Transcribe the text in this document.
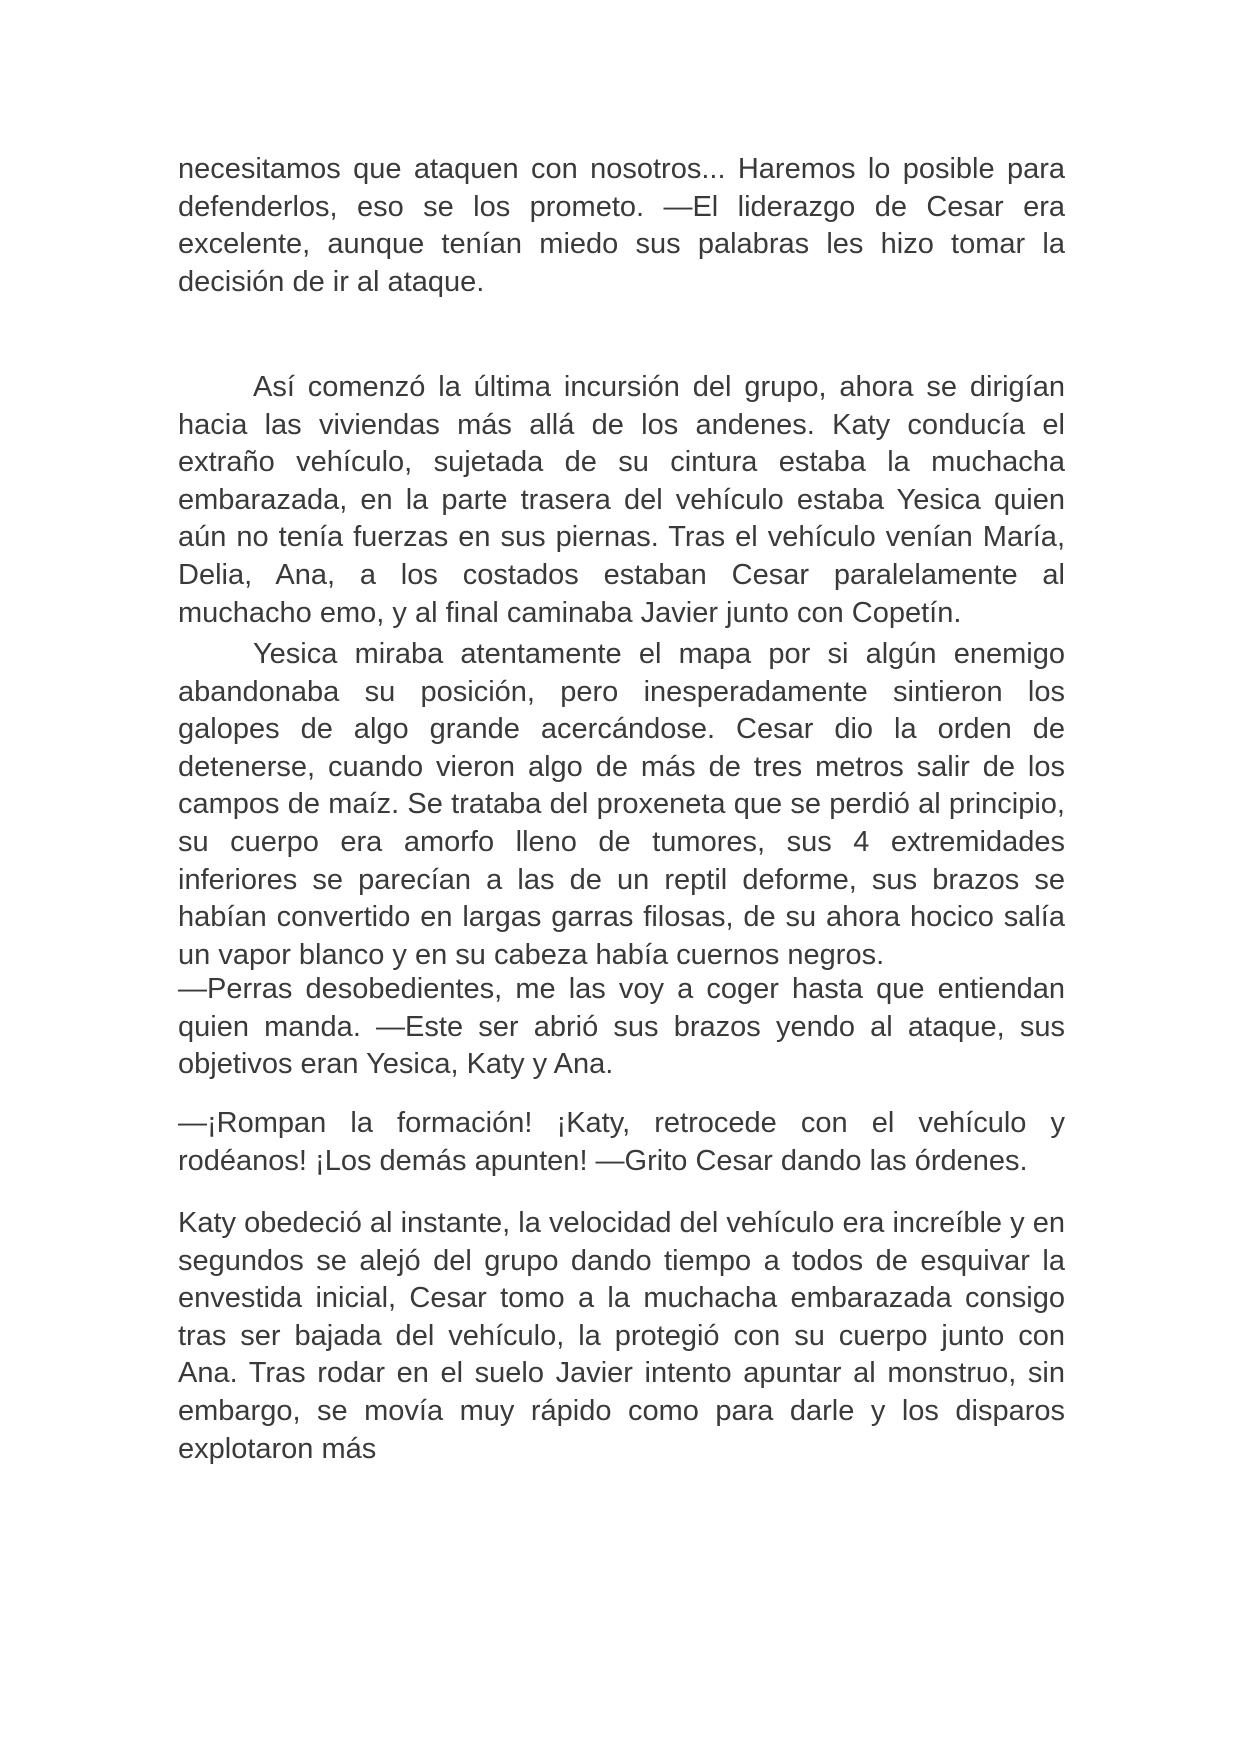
necesitamos que ataquen con nosotros... Haremos lo posible para defenderlos, eso se los prometo. —El liderazgo de Cesar era excelente, aunque tenían miedo sus palabras les hizo tomar la decisión de ir al ataque.

Así comenzó la última incursión del grupo, ahora se dirigían hacia las viviendas más allá de los andenes. Katy conducía el extraño vehículo, sujetada de su cintura estaba la muchacha embarazada, en la parte trasera del vehículo estaba Yesica quien aún no tenía fuerzas en sus piernas. Tras el vehículo venían María, Delia, Ana, a los costados estaban Cesar paralelamente al muchacho emo, y al final caminaba Javier junto con Copetín.

Yesica miraba atentamente el mapa por si algún enemigo abandonaba su posición, pero inesperadamente sintieron los galopes de algo grande acercándose. Cesar dio la orden de detenerse, cuando vieron algo de más de tres metros salir de los campos de maíz. Se trataba del proxeneta que se perdió al principio, su cuerpo era amorfo lleno de tumores, sus 4 extremidades inferiores se parecían a las de un reptil deforme, sus brazos se habían convertido en largas garras filosas, de su ahora hocico salía un vapor blanco y en su cabeza había cuernos negros.

—Perras desobedientes, me las voy a coger hasta que entiendan quien manda. —Este ser abrió sus brazos yendo al ataque, sus objetivos eran Yesica, Katy y Ana.

—¡Rompan la formación! ¡Katy, retrocede con el vehículo y rodéanos! ¡Los demás apunten! —Grito Cesar dando las órdenes.

Katy obedeció al instante, la velocidad del vehículo era increíble y en segundos se alejó del grupo dando tiempo a todos de esquivar la envestida inicial, Cesar tomo a la muchacha embarazada consigo tras ser bajada del vehículo, la protegió con su cuerpo junto con Ana. Tras rodar en el suelo Javier intento apuntar al monstruo, sin embargo, se movía muy rápido como para darle y los disparos explotaron más
